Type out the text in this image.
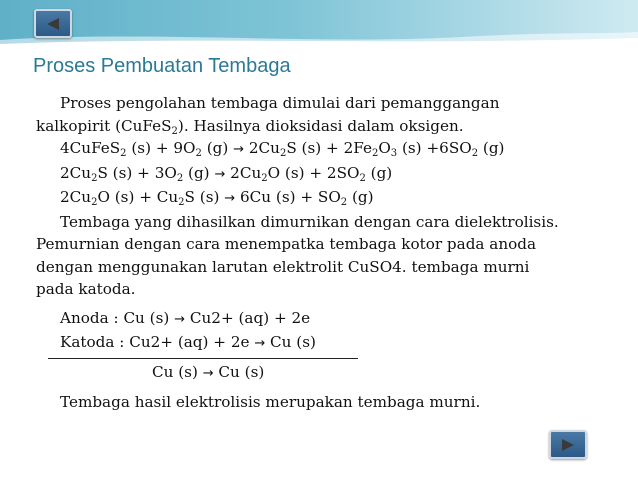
Proses Pembuatan Tembaga

Proses pengolahan tembaga dimulai dari pemanggangan

kalkopirit (CuFeS$_2$). Hasilnya dioksidasi dalam oksigen.

4CuFeS$_2$ $(s) + 9O_2$ $(g) \to 2Cu_2S$ $(s) + 2Fe_2O_3$ $(s) +6SO_2$ (g)

$2Cu_2S$ $(s) + 3O_2$ $(g) \to 2Cu_2O$ $(s) + 2SO_2$ (g)

$2Cu_2O$ $(s) + Cu_2S$ (s) → 6Cu $(s) + SO_2$ (g)

Tembaga yang dihasilkan dimurnikan dengan cara dielektrolisis.

Pemurnian dengan cara menempatka tembaga kotor pada anoda

dengan menggunakan larutan elektrolit CuSO4. tembaga murni

pada katoda.

Anoda : Cu (s) → Cu2+ (aq) + 2e

Katoda : Cu2+ (aq) + 2e → Cu (s)

Cu (s) → Cu (s)

Tembaga hasil elektrolisis merupakan tembaga murni.
